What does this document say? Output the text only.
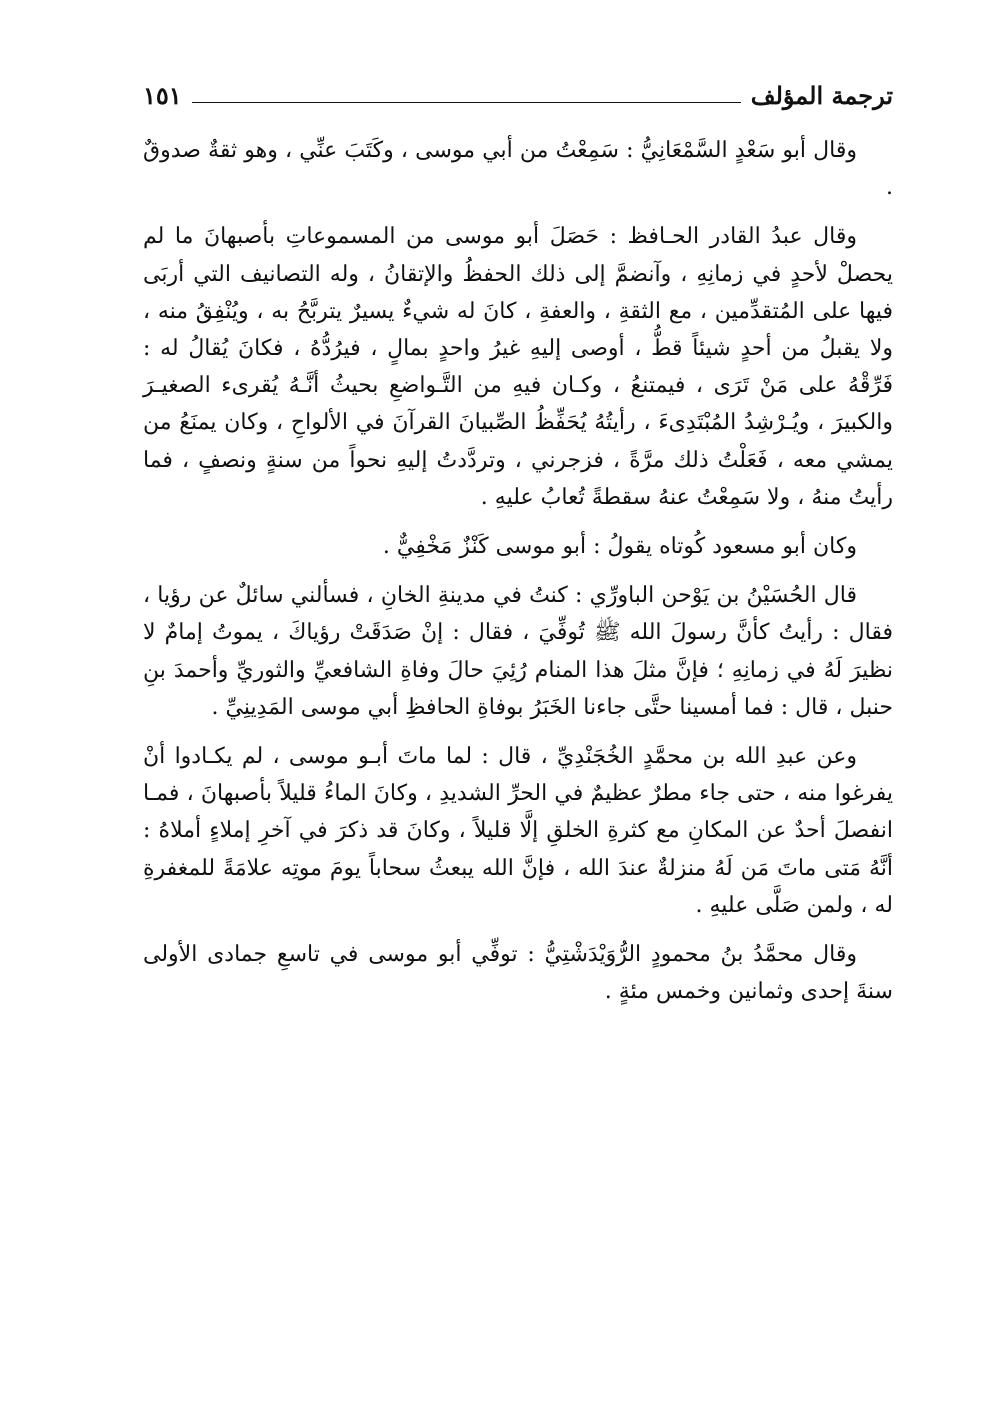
ترجمة المؤلف
١٥١

وقال أبو سَعْدٍ السَّمْعَانِيُّ : سَمِعْتُ من أبي موسى ، وكَتَبَ عنِّي ، وهو ثقةٌ صدوقٌ .

وقال عبدُ القادر الحـافظ : حَصَلَ أبو موسى من المسموعاتِ بأصبهانَ ما لم يحصلْ لأحدٍ في زمانِهِ ، وآنضمَّ إلى ذلك الحفظُ والإتقانُ ، وله التصانيف التي أربَى فيها على المُتقدِّمين ، مع الثقةِ ، والعفةِ ، كانَ له شيءٌ يسيرٌ يتربَّحُ به ، ويُنْفِقُ منه ، ولا يقبلُ من أحدٍ شيئاً قطُّ ، أوصى إليهِ غيرُ واحدٍ بمالٍ ، فيرُدُّهُ ، فكانَ يُقالُ له : فَرِّقْهُ على مَنْ تَرَى ، فيمتنعُ ، وكـان فيهِ من التَّـواضعِ بحيثُ أنَّـهُ يُقرىء الصغيـرَ والكبيرَ ، ويُـرْشِدُ المُبْتَدِىءَ ، رأيتُهُ يُحَفِّظُ الصِّبيانَ القرآنَ في الألواحِ ، وكان يمنَعُ من يمشي معه ، فَعَلْتُ ذلك مرَّةً ، فزجرني ، وتردَّدتُ إليهِ نحواً من سنةٍ ونصفٍ ، فما رأيتُ منهُ ، ولا سَمِعْتُ عنهُ سقطةً تُعابُ عليهِ .

وكان أبو مسعود كُوتاه يقولُ : أبو موسى كَنْزٌ مَخْفِيٌّ .

قال الحُسَيْنُ بن يَوْحن الباورِّي : كنتُ في مدينةِ الخانِ ، فسألني سائلٌ عن رؤيا ، فقال : رأيتُ كأنَّ رسولَ الله ﷺ تُوفِّيَ ، فقال : إنْ صَدَقَتْ رؤياكَ ، يموتُ إمامٌ لا نظيرَ لَهُ في زمانِهِ ؛ فإنَّ مثلَ هذا المنام رُئِيَ حالَ وفاةِ الشافعيِّ والثوريِّ وأحمدَ بنِ حنبل ، قال : فما أمسينا حتَّى جاءنا الخَبَرُ بوفاةِ الحافظِ أبي موسى المَدِينِيِّ .

وعن عبدِ الله بن محمَّدٍ الخُجَنْدِيِّ ، قال : لما ماتَ أبـو موسى ، لم يكـادوا أنْ يفرغوا منه ، حتى جاء مطرٌ عظيمٌ في الحرِّ الشديدِ ، وكانَ الماءُ قليلاً بأصبهانَ ، فمـا انفصلَ أحدٌ عن المكانِ مع كثرةِ الخلقِ إلَّا قليلاً ، وكانَ قد ذكرَ في آخرِ إملاءٍ أملاهُ : أنَّهُ مَتى ماتَ مَن لَهُ منزلةٌ عندَ الله ، فإنَّ الله يبعثُ سحاباً يومَ موتِه علامَةً للمغفرةِ له ، ولمن صَلَّى عليهِ .

وقال محمَّدُ بنُ محمودٍ الرُّوَيْدَشْتِيُّ : توفِّي أبو موسى في تاسعِ جمادى الأولى سنةَ إحدى وثمانين وخمس مئةٍ .
